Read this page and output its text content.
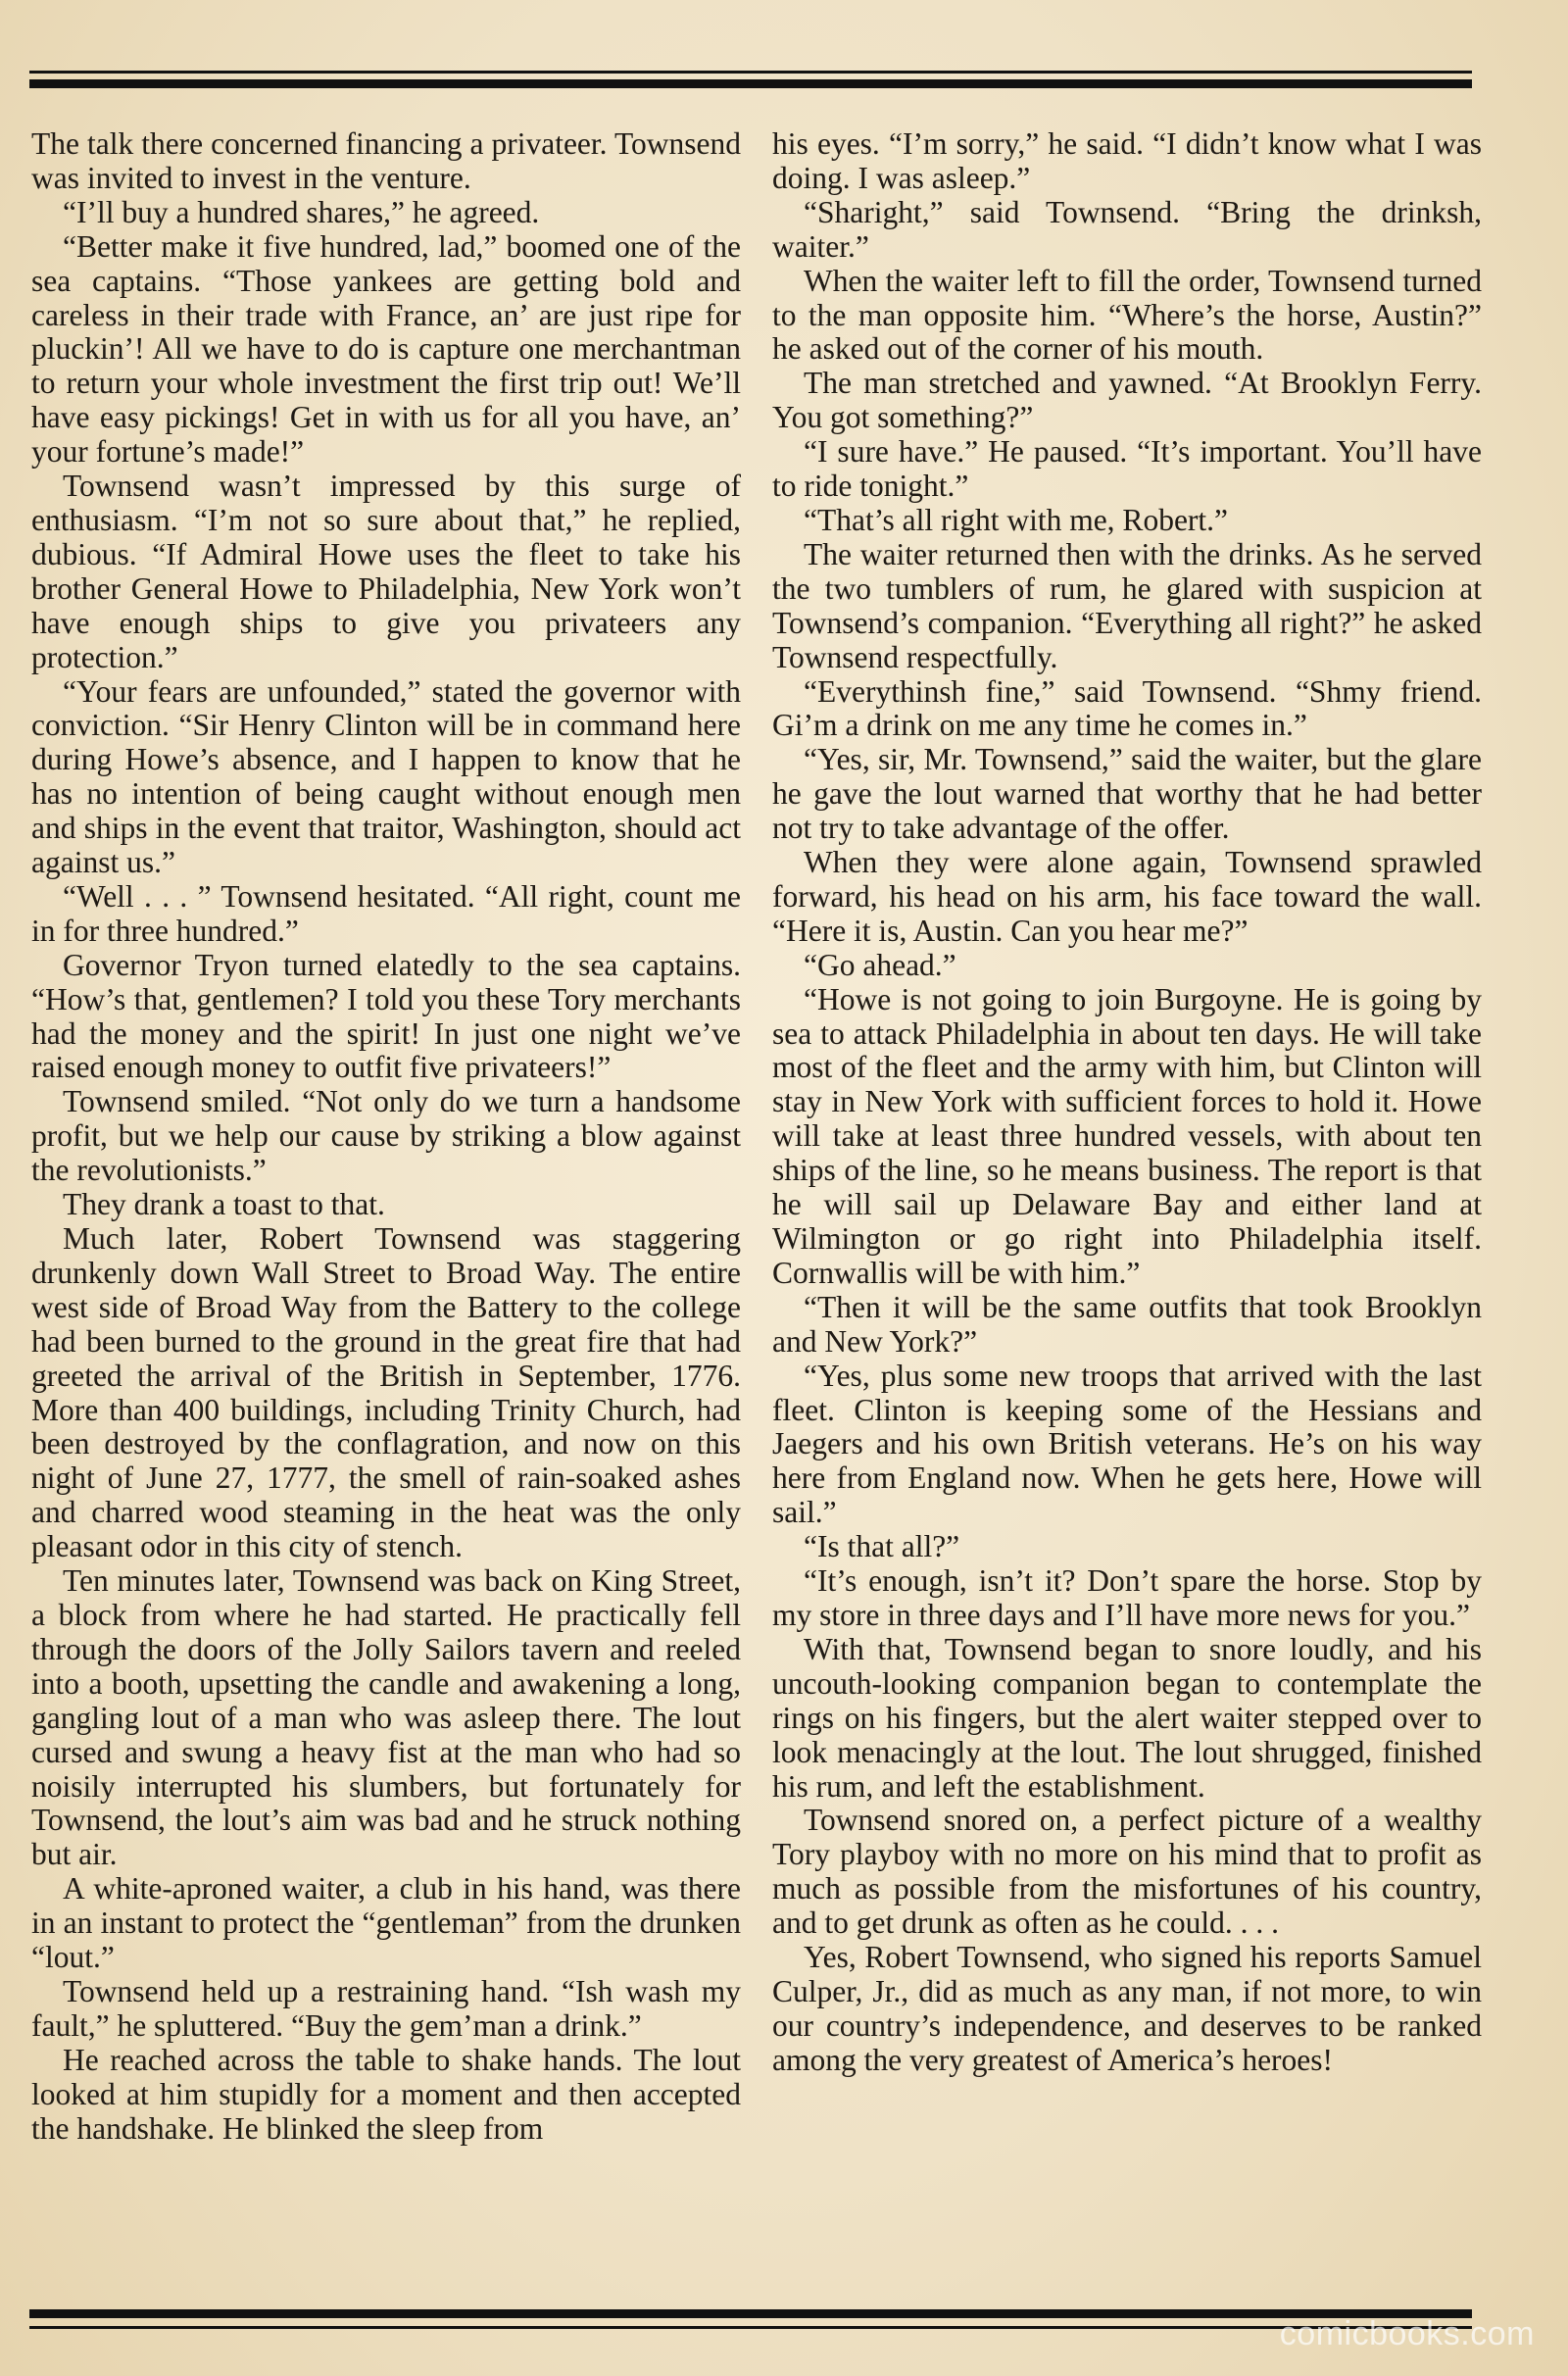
The talk there concerned financing a privateer. Townsend was invited to invest in the venture.

“I’ll buy a hundred shares,” he agreed.

“Better make it five hundred, lad,” boomed one of the sea captains. “Those yankees are getting bold and careless in their trade with France, an’ are just ripe for pluckin’! All we have to do is capture one merchantman to return your whole investment the first trip out! We’ll have easy pickings! Get in with us for all you have, an’ your fortune’s made!”

Townsend wasn’t impressed by this surge of enthusiasm. “I’m not so sure about that,” he replied, dubious. “If Admiral Howe uses the fleet to take his brother General Howe to Philadelphia, New York won’t have enough ships to give you privateers any protection.”

“Your fears are unfounded,” stated the governor with conviction. “Sir Henry Clinton will be in command here during Howe’s absence, and I happen to know that he has no intention of being caught without enough men and ships in the event that traitor, Washington, should act against us.”

“Well . . . ” Townsend hesitated. “All right, count me in for three hundred.”

Governor Tryon turned elatedly to the sea captains. “How’s that, gentlemen? I told you these Tory merchants had the money and the spirit! In just one night we’ve raised enough money to outfit five privateers!”

Townsend smiled. “Not only do we turn a handsome profit, but we help our cause by striking a blow against the revolutionists.”

They drank a toast to that.

Much later, Robert Townsend was staggering drunkenly down Wall Street to Broad Way. The entire west side of Broad Way from the Battery to the college had been burned to the ground in the great fire that had greeted the arrival of the British in September, 1776. More than 400 buildings, including Trinity Church, had been destroyed by the conflagration, and now on this night of June 27, 1777, the smell of rain-soaked ashes and charred wood steaming in the heat was the only pleasant odor in this city of stench.

Ten minutes later, Townsend was back on King Street, a block from where he had started. He practically fell through the doors of the Jolly Sailors tavern and reeled into a booth, upsetting the candle and awakening a long, gangling lout of a man who was asleep there. The lout cursed and swung a heavy fist at the man who had so noisily interrupted his slumbers, but fortunately for Townsend, the lout’s aim was bad and he struck nothing but air.

A white-aproned waiter, a club in his hand, was there in an instant to protect the “gentleman” from the drunken “lout.”

Townsend held up a restraining hand. “Ish wash my fault,” he spluttered. “Buy the gem’man a drink.”

He reached across the table to shake hands. The lout looked at him stupidly for a moment and then accepted the handshake. He blinked the sleep from

his eyes. “I’m sorry,” he said. “I didn’t know what I was doing. I was asleep.”

“Sharight,” said Townsend. “Bring the drinksh, waiter.”

When the waiter left to fill the order, Townsend turned to the man opposite him. “Where’s the horse, Austin?” he asked out of the corner of his mouth.

The man stretched and yawned. “At Brooklyn Ferry. You got something?”

“I sure have.” He paused. “It’s important. You’ll have to ride tonight.”

“That’s all right with me, Robert.”

The waiter returned then with the drinks. As he served the two tumblers of rum, he glared with suspicion at Townsend’s companion. “Everything all right?” he asked Townsend respectfully.

“Everythinsh fine,” said Townsend. “Shmy friend. Gi’m a drink on me any time he comes in.”

“Yes, sir, Mr. Townsend,” said the waiter, but the glare he gave the lout warned that worthy that he had better not try to take advantage of the offer.

When they were alone again, Townsend sprawled forward, his head on his arm, his face toward the wall. “Here it is, Austin. Can you hear me?”

“Go ahead.”

“Howe is not going to join Burgoyne. He is going by sea to attack Philadelphia in about ten days. He will take most of the fleet and the army with him, but Clinton will stay in New York with sufficient forces to hold it. Howe will take at least three hundred vessels, with about ten ships of the line, so he means business. The report is that he will sail up Delaware Bay and either land at Wilmington or go right into Philadelphia itself. Cornwallis will be with him.”

“Then it will be the same outfits that took Brooklyn and New York?”

“Yes, plus some new troops that arrived with the last fleet. Clinton is keeping some of the Hessians and Jaegers and his own British veterans. He’s on his way here from England now. When he gets here, Howe will sail.”

“Is that all?”

“It’s enough, isn’t it? Don’t spare the horse. Stop by my store in three days and I’ll have more news for you.”

With that, Townsend began to snore loudly, and his uncouth-looking companion began to contemplate the rings on his fingers, but the alert waiter stepped over to look menacingly at the lout. The lout shrugged, finished his rum, and left the establishment.

Townsend snored on, a perfect picture of a wealthy Tory playboy with no more on his mind that to profit as much as possible from the misfortunes of his country, and to get drunk as often as he could. . . .

Yes, Robert Townsend, who signed his reports Samuel Culper, Jr., did as much as any man, if not more, to win our country’s independence, and deserves to be ranked among the very greatest of America’s heroes!

comicbooks.com
